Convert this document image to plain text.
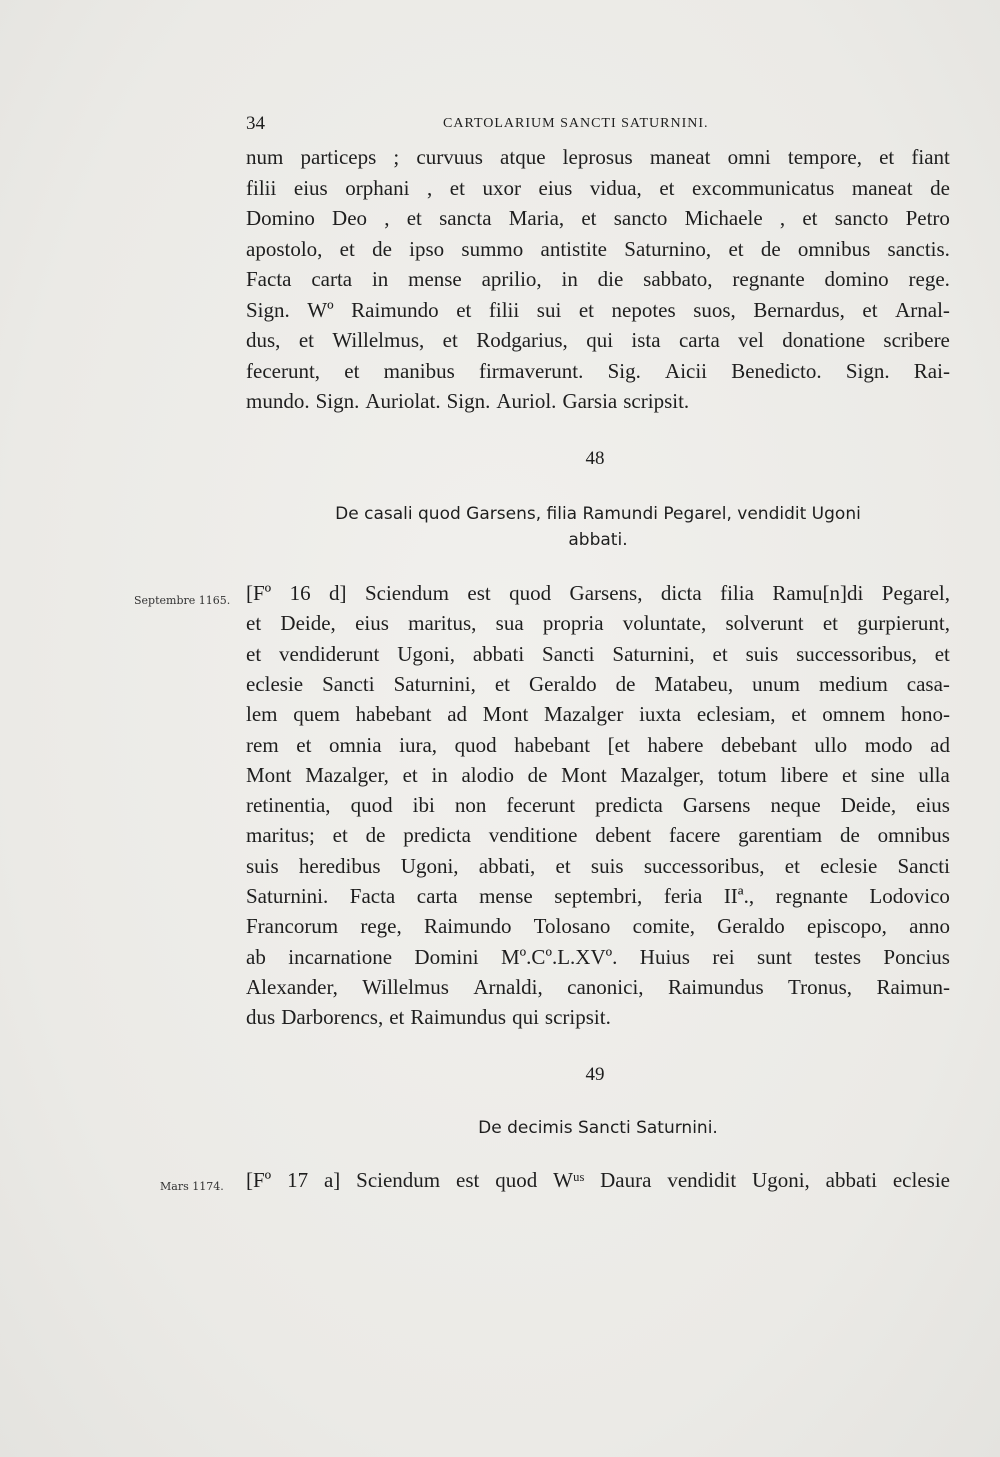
34	CARTOLARIUM SANCTI SATURNINI.
num particeps ; curvuus atque leprosus maneat omni tempore, et fiant
filii eius orphani , et uxor eius vidua, et excommunicatus maneat de
Domino Deo , et sancta Maria, et sancto Michaele , et sancto Petro
apostolo, et de ipso summo antistite Saturnino, et de omnibus sanctis.
Facta carta in mense aprilio, in die sabbato, regnante domino rege.
Sign. Wº Raimundo et filii sui et nepotes suos, Bernardus, et Arnal-
dus, et Willelmus, et Rodgarius, qui ista carta vel donatione scribere
fecerunt, et manibus firmaverunt. Sig. Aicii Benedicto. Sign. Rai-
mundo. Sign. Auriolat. Sign. Auriol. Garsia scripsit.
48
De casali quod Garsens, filia Ramundi Pegarel, vendidit Ugoni
abbati.
Septembre 1165. [Fº 16 d] Sciendum est quod Garsens, dicta filia Ramu[n]di Pegarel,
et Deide, eius maritus, sua propria voluntate, solverunt et gurpierunt,
et vendiderunt Ugoni, abbati Sancti Saturnini, et suis successoribus, et
eclesie Sancti Saturnini, et Geraldo de Matabeu, unum medium casa-
lem quem habebant ad Mont Mazalger iuxta eclesiam, et omnem hono-
rem et omnia iura, quod habebant [et habere debebant ullo modo ad
Mont Mazalger, et in alodio de Mont Mazalger, totum libere et sine ulla
retinentia, quod ibi non fecerunt predicta Garsens neque Deide, eius
maritus; et de predicta venditione debent facere garentiam de omnibus
suis heredibus Ugoni, abbati, et suis successoribus, et eclesie Sancti
Saturnini. Facta carta mense septembri, feria IIª., regnante Lodovico
Francorum rege, Raimundo Tolosano comite, Geraldo episcopo, anno
ab incarnatione Domini Mº.Cº.L.XVº. Huius rei sunt testes Poncius
Alexander, Willelmus Arnaldi, canonici, Raimundus Tronus, Raimun-
dus Darborencs, et Raimundus qui scripsit.
49
De decimis Sancti Saturnini.
Mars 1174. [Fº 17 a] Sciendum est quod Wᵘˢ Daura vendidit Ugoni, abbati eclesie
